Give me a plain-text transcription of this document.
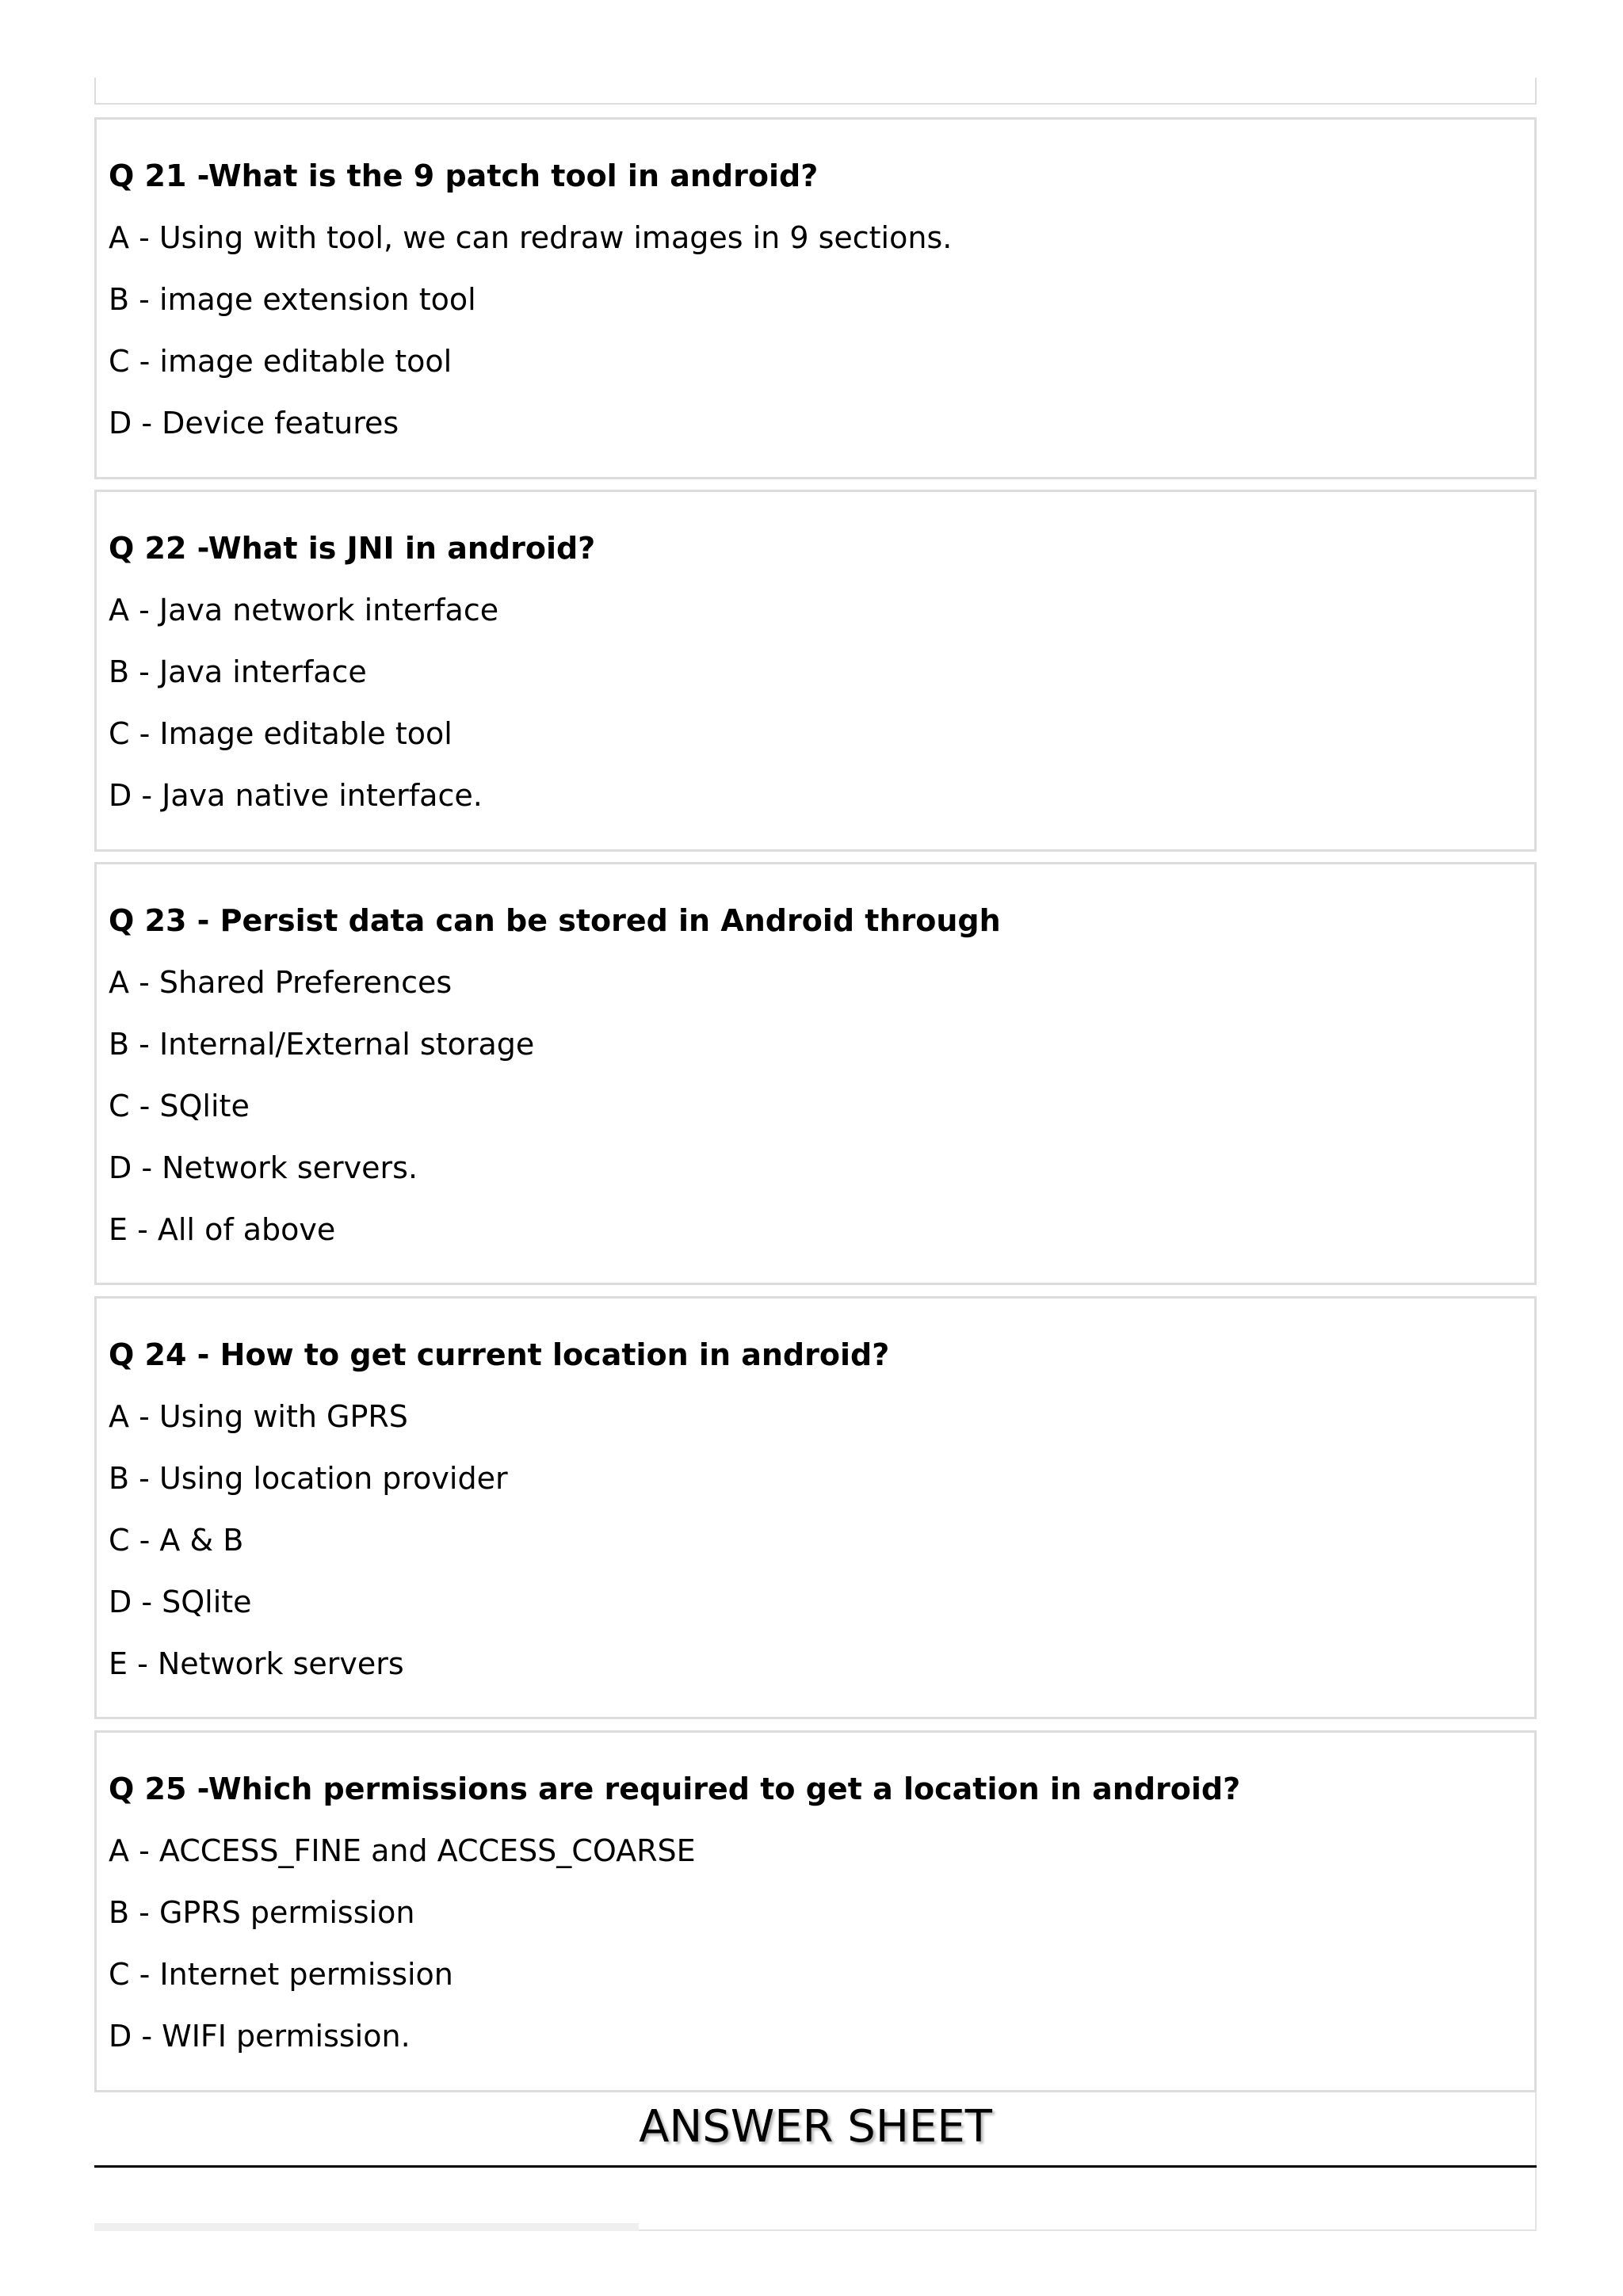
Q 21 -What is the 9 patch tool in android?
A - Using with tool, we can redraw images in 9 sections.
B - image extension tool
C - image editable tool
D - Device features
Q 22 -What is JNI in android?
A - Java network interface
B - Java interface
C - Image editable tool
D - Java native interface.
Q 23 - Persist data can be stored in Android through
A - Shared Preferences
B - Internal/External storage
C - SQlite
D - Network servers.
E - All of above
Q 24 - How to get current location in android?
A - Using with GPRS
B - Using location provider
C - A & B
D - SQlite
E - Network servers
Q 25 -Which permissions are required to get a location in android?
A - ACCESS_FINE and ACCESS_COARSE
B - GPRS permission
C - Internet permission
D - WIFI permission.
ANSWER SHEET
